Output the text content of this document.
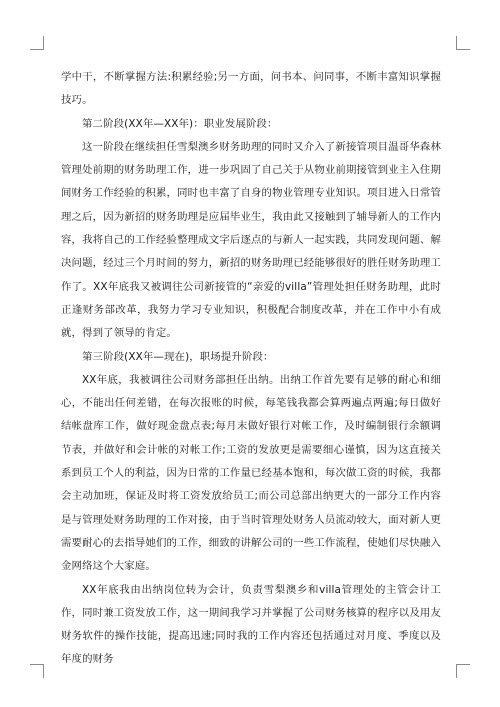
学中干，不断掌握方法:积累经验;另一方面，问书本、问同事，不断丰富知识掌握技巧。

第二阶段(XX年—XX年)：职业发展阶段：

这一阶段在继续担任雪梨澳乡财务助理的同时又介入了新接管项目温哥华森林管理处前期的财务助理工作，进一步巩固了自己关于从物业前期接管到业主入住期间财务工作经验的积累，同时也丰富了自身的物业管理专业知识。项目进入日常管理之后，因为新招的财务助理是应届毕业生，我由此又接触到了辅导新人的工作内容，我将自己的工作经验整理成文字后逐点的与新人一起实践，共同发现问题、解决问题，经过三个月时间的努力，新招的财务助理已经能够很好的胜任财务助理工作了。XX年底我又被调往公司新接管的“亲爱的villa”管理处担任财务助理，此时正逢财务部改革，我努力学习专业知识，积极配合制度改革，并在工作中小有成就，得到了领导的肯定。

第三阶段(XX年—现在)，职场提升阶段：

XX年底，我被调往公司财务部担任出纳。出纳工作首先要有足够的耐心和细心，不能出任何差错，在每次报账的时候，每笔钱我都会算两遍点两遍;每日做好结帐盘库工作，做好现金盘点表;每月末做好银行对帐工作，及时编制银行余额调节表，并做好和会计帐的对帐工作;工资的发放更是需要细心谨慎，因为这直接关系到员工个人的利益，因为日常的工作量已经基本饱和，每次做工资的时候，我都会主动加班，保证及时将工资发放给员工;而公司总部出纳更大的一部分工作内容是与管理处财务助理的工作对接，由于当时管理处财务人员流动较大，面对新人更需要耐心的去指导她们的工作，细致的讲解公司的一些工作流程，使她们尽快融入金网络这个大家庭。

XX年底我由出纳岗位转为会计，负责雪梨澳乡和villa管理处的主管会计工作，同时兼工资发放工作，这一期间我学习并掌握了公司财务核算的程序以及用友财务软件的操作技能，提高迅速;同时我的工作内容还包括通过对月度、季度以及年度的财务
